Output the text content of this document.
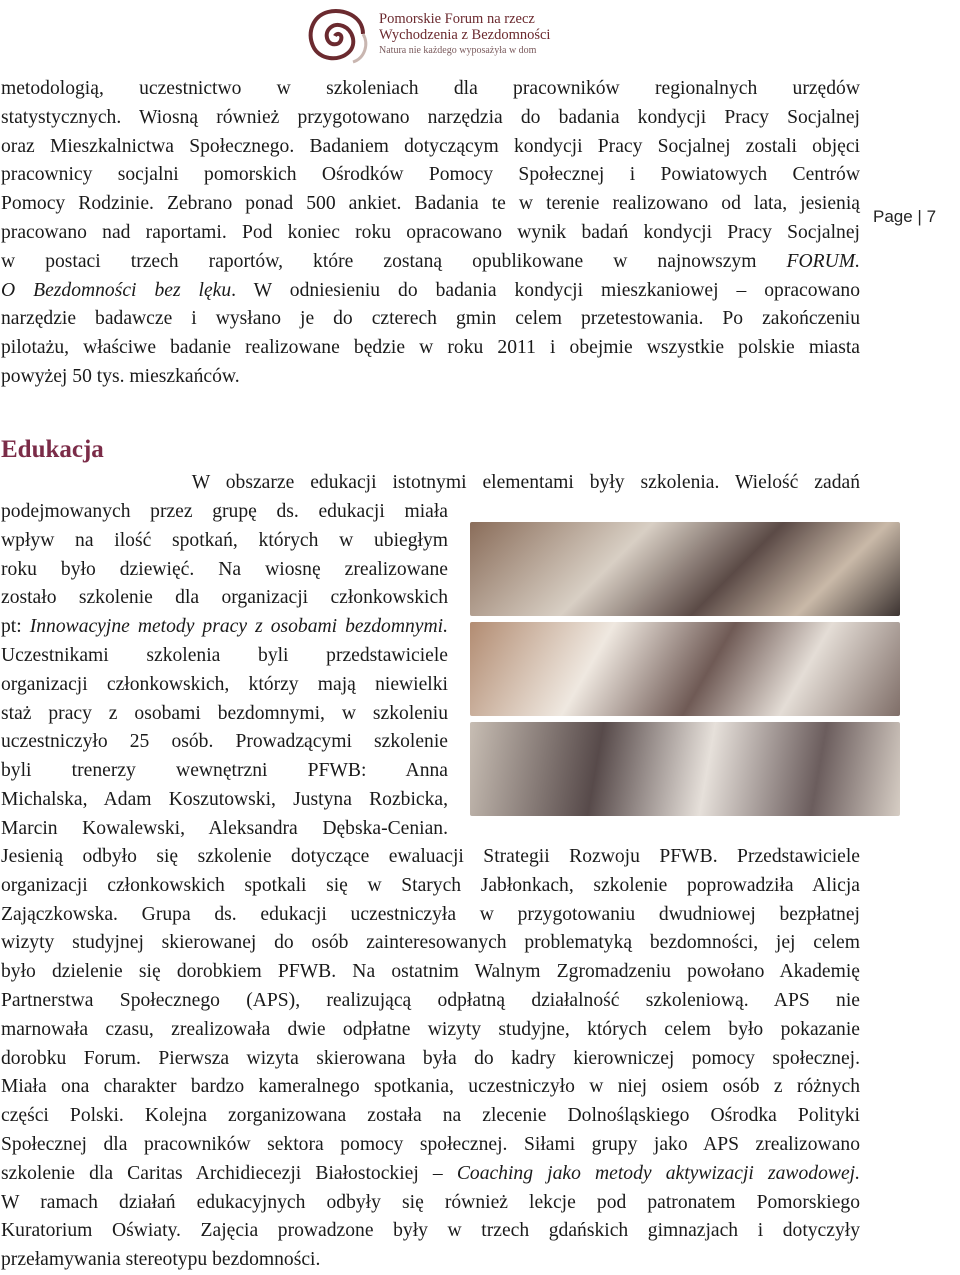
Pomorskie Forum na rzecz
Wychodzenia z Bezdomności
Natura nie każdego wyposażyła w dom
Page | 7
metodologią, uczestnictwo w szkoleniach dla pracowników regionalnych urzędów
statystycznych. Wiosną również przygotowano narzędzia do badania kondycji Pracy Socjalnej
oraz Mieszkalnictwa Społecznego. Badaniem dotyczącym kondycji Pracy Socjalnej zostali objęci
pracownicy socjalni pomorskich Ośrodków Pomocy Społecznej i Powiatowych Centrów
Pomocy Rodzinie. Zebrano ponad 500 ankiet. Badania te w terenie realizowano od lata, jesienią
pracowano nad raportami. Pod koniec roku opracowano wynik badań kondycji Pracy Socjalnej
w postaci trzech raportów, które zostaną opublikowane w najnowszym FORUM.
O Bezdomności bez lęku. W odniesieniu do badania kondycji mieszkaniowej – opracowano
narzędzie badawcze i wysłano je do czterech gmin celem przetestowania. Po zakończeniu
pilotażu, właściwe badanie realizowane będzie w roku 2011 i obejmie wszystkie polskie miasta
powyżej 50 tys. mieszkańców.
Edukacja
W obszarze edukacji istotnymi elementami były szkolenia. Wielość zadań
podejmowanych przez grupę ds. edukacji miała
wpływ na ilość spotkań, których w ubiegłym
roku było dziewięć. Na wiosnę zrealizowane
zostało szkolenie dla organizacji członkowskich
pt: Innowacyjne metody pracy z osobami bezdomnymi.
Uczestnikami szkolenia byli przedstawiciele
organizacji członkowskich, którzy mają niewielki
staż pracy z osobami bezdomnymi, w szkoleniu
uczestniczyło 25 osób. Prowadzącymi szkolenie
byli trenerzy wewnętrzni PFWB: Anna
Michalska, Adam Koszutowski, Justyna Rozbicka,
Marcin Kowalewski, Aleksandra Dębska-Cenian.
Jesienią odbyło się szkolenie dotyczące ewaluacji Strategii Rozwoju PFWB. Przedstawiciele
organizacji członkowskich spotkali się w Starych Jabłonkach, szkolenie poprowadziła Alicja
Zajączkowska. Grupa ds. edukacji uczestniczyła w przygotowaniu dwudniowej bezpłatnej
wizyty studyjnej skierowanej do osób zainteresowanych problematyką bezdomności, jej celem
było dzielenie się dorobkiem PFWB. Na ostatnim Walnym Zgromadzeniu powołano Akademię
Partnerstwa Społecznego (APS), realizującą odpłatną działalność szkoleniową. APS nie
marnowała czasu, zrealizowała dwie odpłatne wizyty studyjne, których celem było pokazanie
dorobku Forum. Pierwsza wizyta skierowana była do kadry kierowniczej pomocy społecznej.
Miała ona charakter bardzo kameralnego spotkania, uczestniczyło w niej osiem osób z różnych
części Polski. Kolejna zorganizowana została na zlecenie Dolnośląskiego Ośrodka Polityki
Społecznej dla pracowników sektora pomocy społecznej. Siłami grupy jako APS zrealizowano
szkolenie dla Caritas Archidiecezji Białostockiej – Coaching jako metody aktywizacji zawodowej.
W ramach działań edukacyjnych odbyły się również lekcje pod patronatem Pomorskiego
Kuratorium Oświaty. Zajęcia prowadzone były w trzech gdańskich gimnazjach i dotyczyły
przełamywania stereotypu bezdomności.
